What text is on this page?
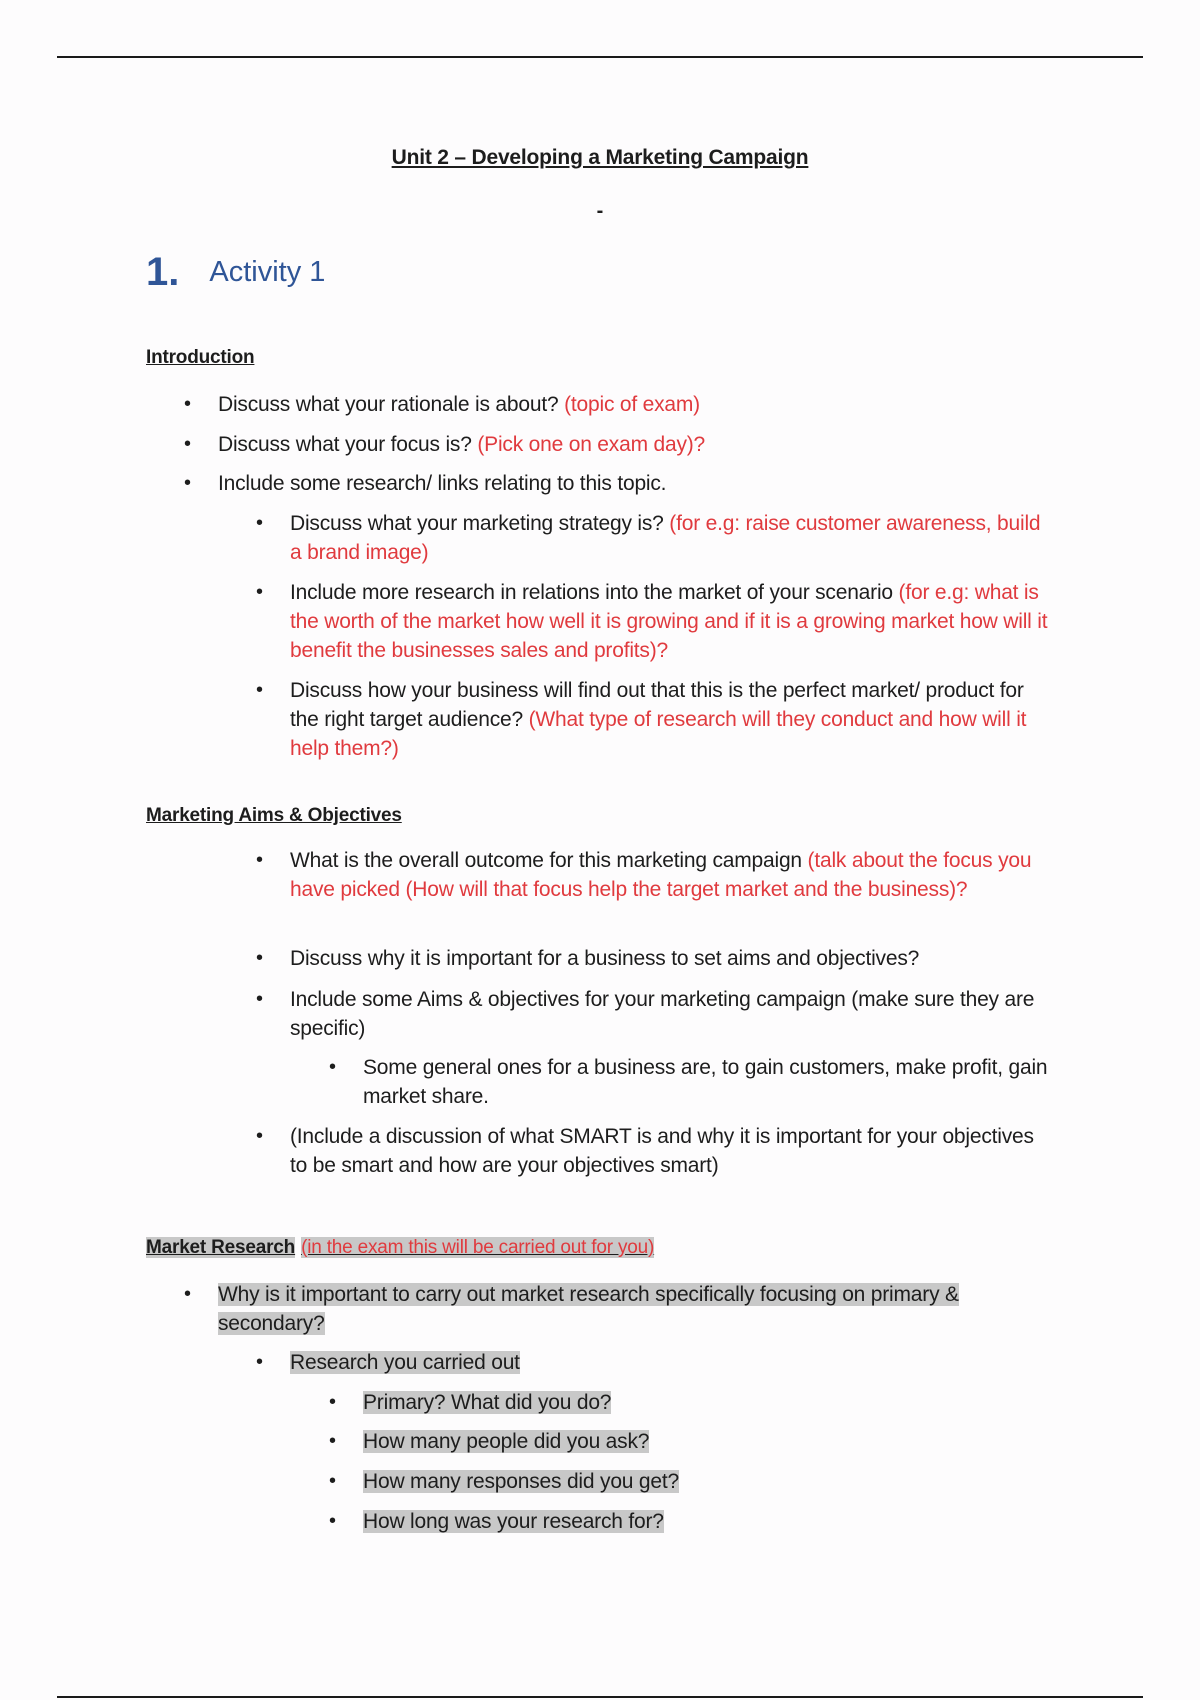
Unit 2 – Developing a Marketing Campaign
-
1. Activity 1
Introduction
• Discuss what your rationale is about? (topic of exam)
• Discuss what your focus is? (Pick one on exam day)?
• Include some research/ links relating to this topic.
• Discuss what your marketing strategy is? (for e.g: raise customer awareness, build a brand image)
• Include more research in relations into the market of your scenario (for e.g: what is the worth of the market how well it is growing and if it is a growing market how will it benefit the businesses sales and profits)?
• Discuss how your business will find out that this is the perfect market/ product for the right target audience? (What type of research will they conduct and how will it help them?)
Marketing Aims & Objectives
• What is the overall outcome for this marketing campaign (talk about the focus you have picked (How will that focus help the target market and the business)?
• Discuss why it is important for a business to set aims and objectives?
• Include some Aims & objectives for your marketing campaign (make sure they are specific)
• Some general ones for a business are, to gain customers, make profit, gain market share.
• (Include a discussion of what SMART is and why it is important for your objectives to be smart and how are your objectives smart)
Market Research (in the exam this will be carried out for you)
• Why is it important to carry out market research specifically focusing on primary & secondary?
• Research you carried out
• Primary? What did you do?
• How many people did you ask?
• How many responses did you get?
• How long was your research for?
